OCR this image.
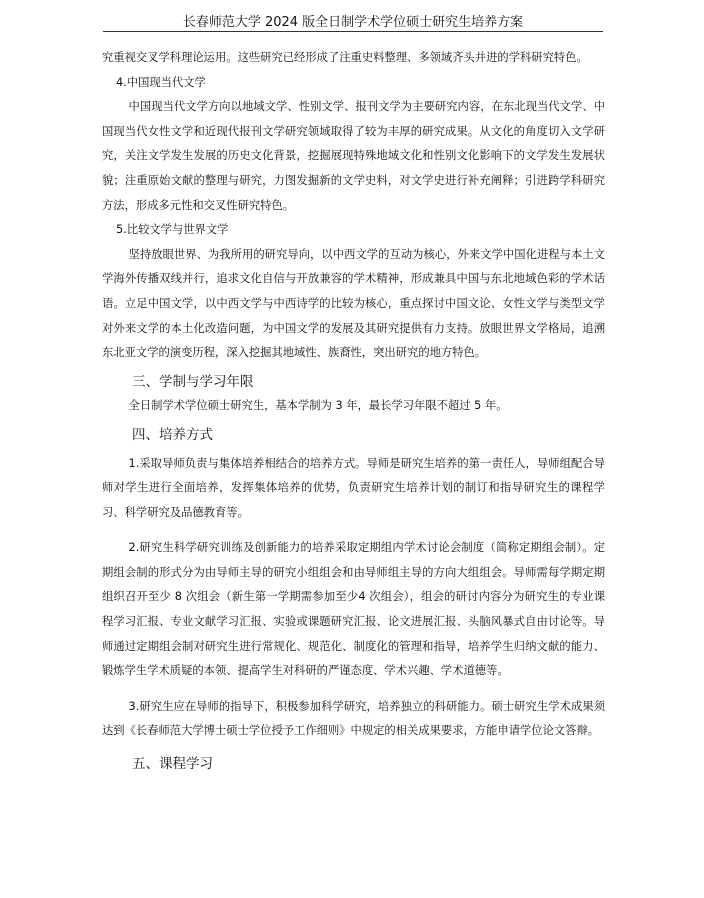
长春师范大学 2024 版全日制学术学位硕士研究生培养方案

究重视交叉学科理论运用。这些研究已经形成了注重史料整理、多领域齐头并进的学科研究特色。

4.中国现当代文学

中国现当代文学方向以地域文学、性别文学、报刊文学为主要研究内容，在东北现当代文学、中国现当代女性文学和近现代报刊文学研究领域取得了较为丰厚的研究成果。从文化的角度切入文学研究，关注文学发生发展的历史文化背景，挖掘展现特殊地域文化和性别文化影响下的文学发生发展状貌；注重原始文献的整理与研究，力图发掘新的文学史料，对文学史进行补充阐释；引进跨学科研究方法，形成多元性和交叉性研究特色。

5.比较文学与世界文学

坚持放眼世界、为我所用的研究导向，以中西文学的互动为核心，外来文学中国化进程与本土文学海外传播双线并行，追求文化自信与开放兼容的学术精神，形成兼具中国与东北地域色彩的学术话语。立足中国文学，以中西文学与中西诗学的比较为核心，重点探讨中国文论、女性文学与类型文学对外来文学的本土化改造问题，为中国文学的发展及其研究提供有力支持。放眼世界文学格局，追溯东北亚文学的演变历程，深入挖掘其地域性、族裔性，突出研究的地方特色。

三、学制与学习年限

全日制学术学位硕士研究生，基本学制为 3 年，最长学习年限不超过 5 年。

四、培养方式

1.采取导师负责与集体培养相结合的培养方式。导师是研究生培养的第一责任人，导师组配合导师对学生进行全面培养，发挥集体培养的优势，负责研究生培养计划的制订和指导研究生的课程学习、科学研究及品德教育等。

2.研究生科学研究训练及创新能力的培养采取定期组内学术讨论会制度（简称定期组会制）。定期组会制的形式分为由导师主导的研究小组组会和由导师组主导的方向大组组会。导师需每学期定期组织召开至少 8 次组会（新生第一学期需参加至少4 次组会），组会的研讨内容分为研究生的专业课程学习汇报、专业文献学习汇报、实验或课题研究汇报、论文进展汇报、头脑风暴式自由讨论等。导师通过定期组会制对研究生进行常规化、规范化、制度化的管理和指导，培养学生归纳文献的能力、锻炼学生学术质疑的本领、提高学生对科研的严谨态度、学术兴趣、学术道德等。

3.研究生应在导师的指导下，积极参加科学研究，培养独立的科研能力。硕士研究生学术成果须达到《长春师范大学博士硕士学位授予工作细则》中规定的相关成果要求，方能申请学位论文答辩。

五、课程学习
